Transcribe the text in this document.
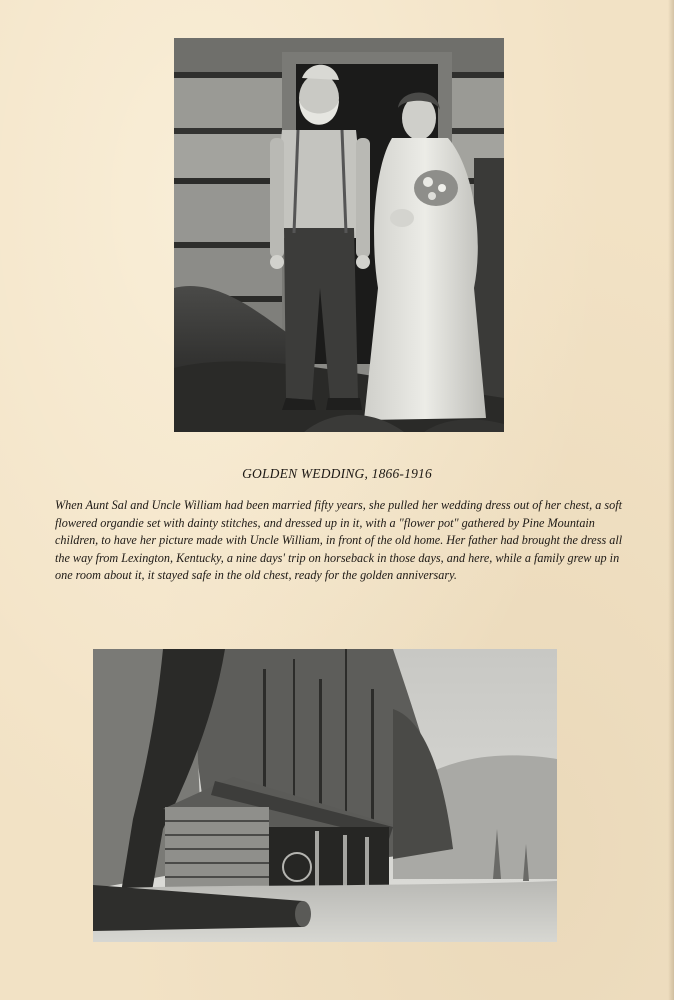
GOLDEN WEDDING, 1866-1916
When Aunt Sal and Uncle William had been married fifty years, she pulled her wedding dress out of her chest, a soft flowered organdie set with dainty stitches, and dressed up in it, with a "flower pot" gathered by Pine Mountain children, to have her picture made with Uncle William, in front of the old home. Her father had brought the dress all the way from Lexington, Kentucky, a nine days' trip on horseback in those days, and here, while a family grew up in one room about it, it stayed safe in the old chest, ready for the golden anniversary.
